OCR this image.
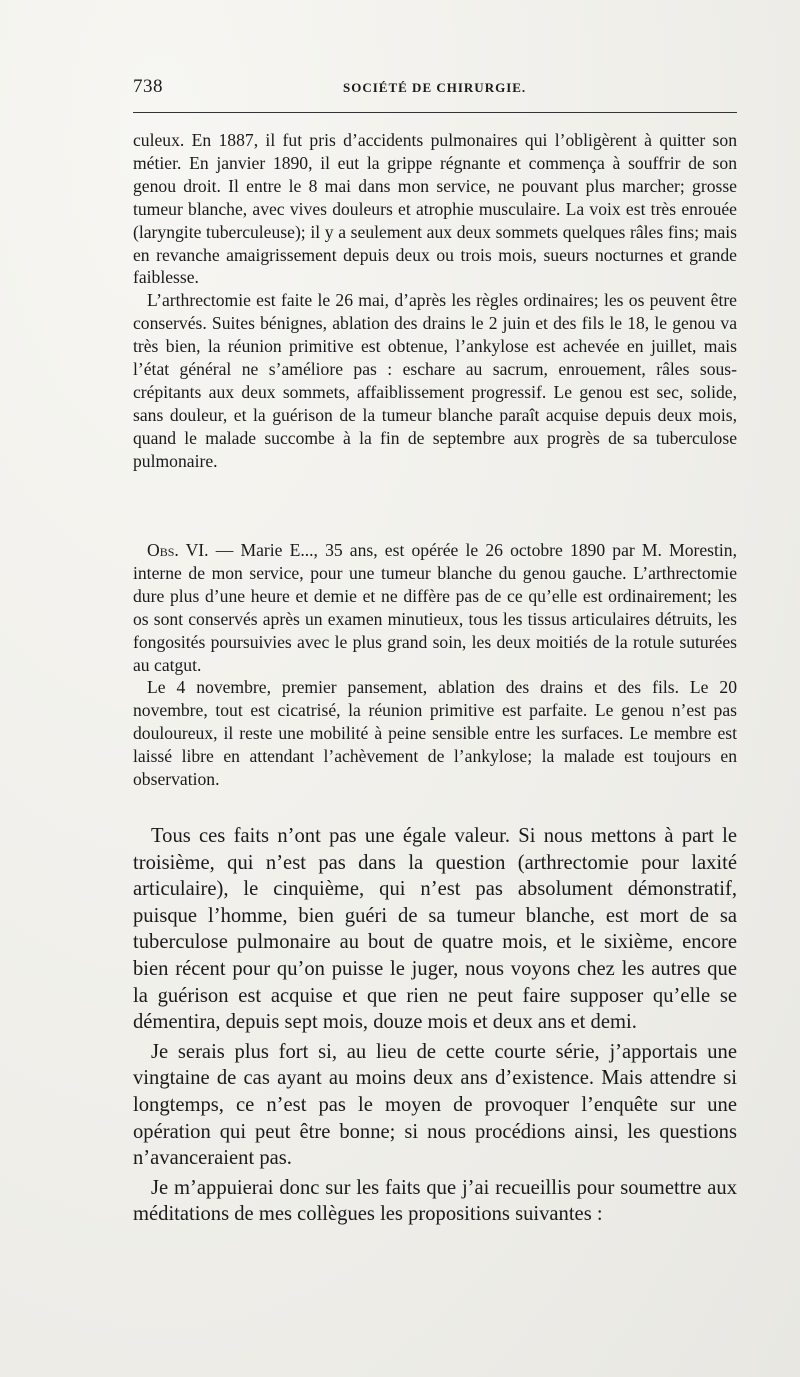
738	SOCIÉTÉ DE CHIRURGIE.

culeux. En 1887, il fut pris d’accidents pulmonaires qui l’obligèrent à quitter son métier. En janvier 1890, il eut la grippe régnante et commença à souffrir de son genou droit. Il entre le 8 mai dans mon service, ne pouvant plus marcher; grosse tumeur blanche, avec vives douleurs et atrophie musculaire. La voix est très enrouée (laryngite tuberculeuse); il y a seulement aux deux sommets quelques râles fins; mais en revanche amaigrissement depuis deux ou trois mois, sueurs nocturnes et grande faiblesse.

L’arthrectomie est faite le 26 mai, d’après les règles ordinaires; les os peuvent être conservés. Suites bénignes, ablation des drains le 2 juin et des fils le 18, le genou va très bien, la réunion primitive est obtenue, l’ankylose est achevée en juillet, mais l’état général ne s’améliore pas : eschare au sacrum, enrouement, râles sous-crépitants aux deux sommets, affaiblissement progressif. Le genou est sec, solide, sans douleur, et la guérison de la tumeur blanche paraît acquise depuis deux mois, quand le malade succombe à la fin de septembre aux progrès de sa tuberculose pulmonaire.

Obs. VI. — Marie E..., 35 ans, est opérée le 26 octobre 1890 par M. Morestin, interne de mon service, pour une tumeur blanche du genou gauche. L’arthrectomie dure plus d’une heure et demie et ne diffère pas de ce qu’elle est ordinairement; les os sont conservés après un examen minutieux, tous les tissus articulaires détruits, les fongosités poursuivies avec le plus grand soin, les deux moitiés de la rotule suturées au catgut.

Le 4 novembre, premier pansement, ablation des drains et des fils. Le 20 novembre, tout est cicatrisé, la réunion primitive est parfaite. Le genou n’est pas douloureux, il reste une mobilité à peine sensible entre les surfaces. Le membre est laissé libre en attendant l’achèvement de l’ankylose; la malade est toujours en observation.

Tous ces faits n’ont pas une égale valeur. Si nous mettons à part le troisième, qui n’est pas dans la question (arthrectomie pour laxité articulaire), le cinquième, qui n’est pas absolument démonstratif, puisque l’homme, bien guéri de sa tumeur blanche, est mort de sa tuberculose pulmonaire au bout de quatre mois, et le sixième, encore bien récent pour qu’on puisse le juger, nous voyons chez les autres que la guérison est acquise et que rien ne peut faire supposer qu’elle se démentira, depuis sept mois, douze mois et deux ans et demi.

Je serais plus fort si, au lieu de cette courte série, j’apportais une vingtaine de cas ayant au moins deux ans d’existence. Mais attendre si longtemps, ce n’est pas le moyen de provoquer l’enquête sur une opération qui peut être bonne; si nous procédions ainsi, les questions n’avanceraient pas.

Je m’appuierai donc sur les faits que j’ai recueillis pour soumettre aux méditations de mes collègues les propositions suivantes :
